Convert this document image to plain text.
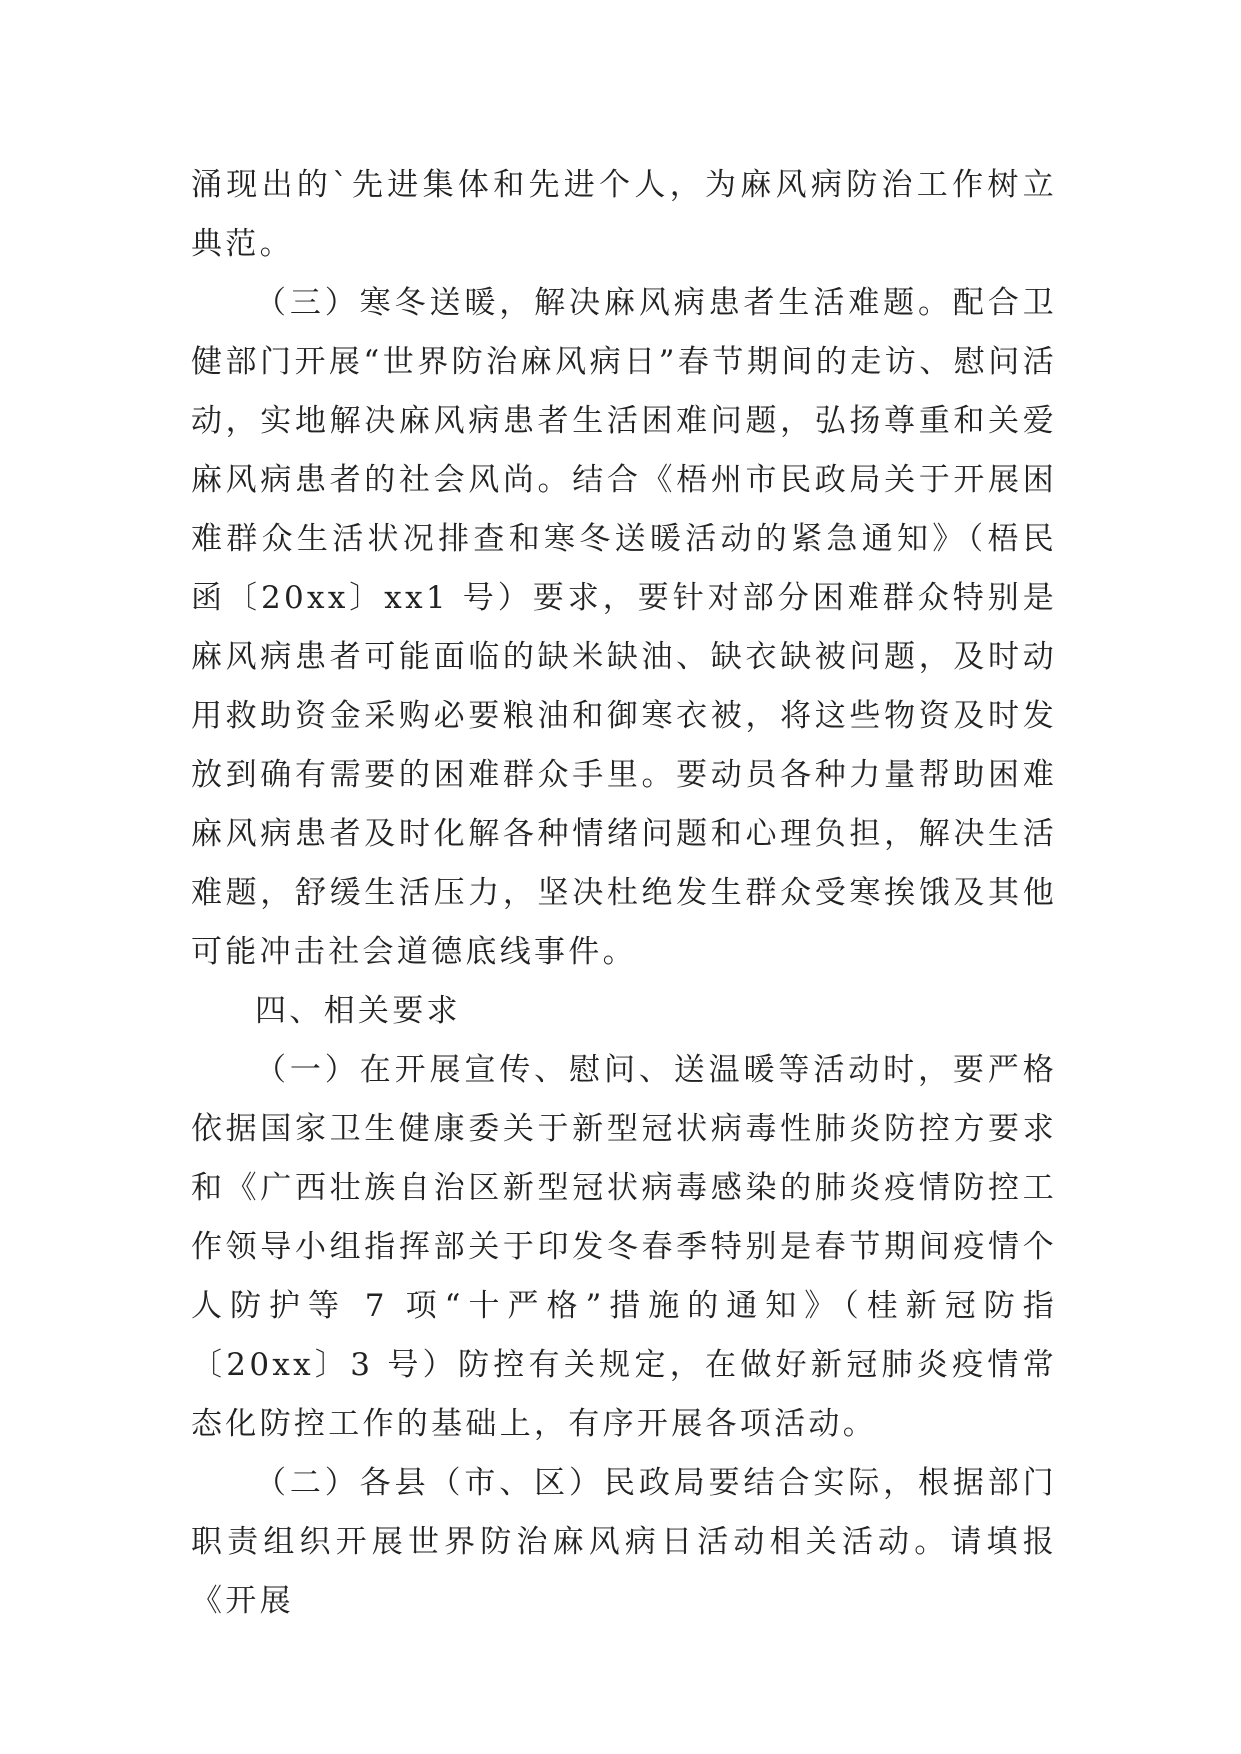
涌现出的`先进集体和先进个人，为麻风病防治工作树立典范。

（三）寒冬送暖，解决麻风病患者生活难题。配合卫健部门开展“世界防治麻风病日”春节期间的走访、慰问活动，实地解决麻风病患者生活困难问题，弘扬尊重和关爱麻风病患者的社会风尚。结合《梧州市民政局关于开展困难群众生活状况排查和寒冬送暖活动的紧急通知》（梧民函〔20xx〕xx1 号）要求，要针对部分困难群众特别是麻风病患者可能面临的缺米缺油、缺衣缺被问题，及时动用救助资金采购必要粮油和御寒衣被，将这些物资及时发放到确有需要的困难群众手里。要动员各种力量帮助困难麻风病患者及时化解各种情绪问题和心理负担，解决生活难题，舒缓生活压力，坚决杜绝发生群众受寒挨饿及其他可能冲击社会道德底线事件。

四、相关要求

（一）在开展宣传、慰问、送温暖等活动时，要严格依据国家卫生健康委关于新型冠状病毒性肺炎防控方要求和《广西壮族自治区新型冠状病毒感染的肺炎疫情防控工作领导小组指挥部关于印发冬春季特别是春节期间疫情个人防护等 7 项“十严格”措施的通知》（桂新冠防指〔20xx〕3 号）防控有关规定，在做好新冠肺炎疫情常态化防控工作的基础上，有序开展各项活动。

（二）各县（市、区）民政局要结合实际，根据部门职责组织开展世界防治麻风病日活动相关活动。请填报《开展
